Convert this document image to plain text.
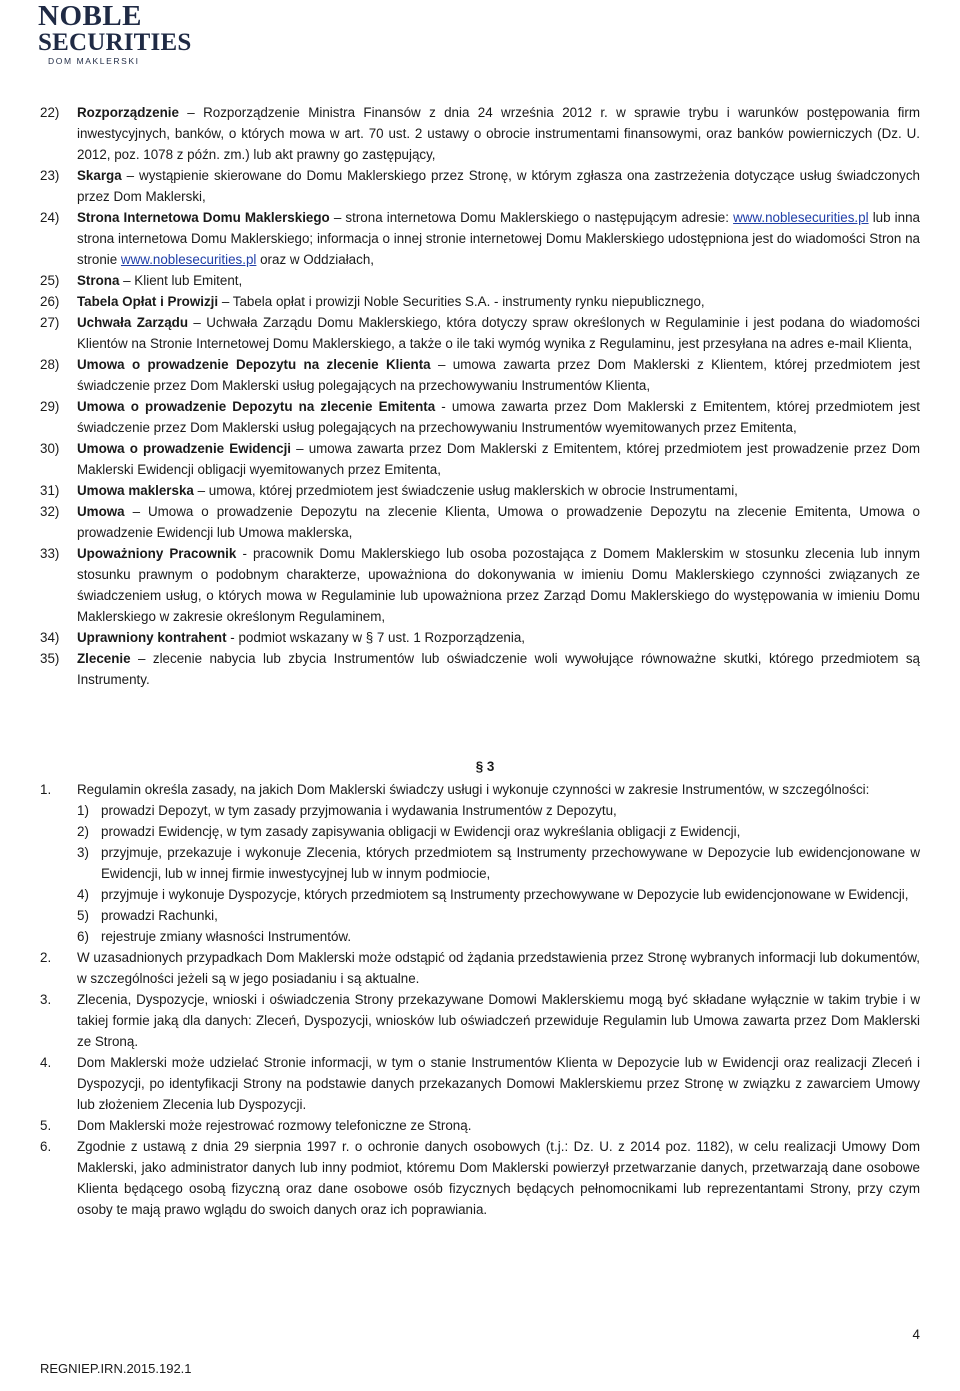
NOBLE
SECURITIES
DOM MAKLERSKI
22) Rozporządzenie – Rozporządzenie Ministra Finansów z dnia 24 września 2012 r. w sprawie trybu i warunków postępowania firm inwestycyjnych, banków, o których mowa w art. 70 ust. 2 ustawy o obrocie instrumentami finansowymi, oraz banków powierniczych (Dz. U. 2012, poz. 1078 z późn. zm.) lub akt prawny go zastępujący,
23) Skarga – wystąpienie skierowane do Domu Maklerskiego przez Stronę, w którym zgłasza ona zastrzeżenia dotyczące usług świadczonych przez Dom Maklerski,
24) Strona Internetowa Domu Maklerskiego – strona internetowa Domu Maklerskiego o następującym adresie: www.noblesecurities.pl lub inna strona internetowa Domu Maklerskiego; informacja o innej stronie internetowej Domu Maklerskiego udostępniona jest do wiadomości Stron na stronie www.noblesecurities.pl oraz w Oddziałach,
25) Strona – Klient lub Emitent,
26) Tabela Opłat i Prowizji – Tabela opłat i prowizji Noble Securities S.A. - instrumenty rynku niepublicznego,
27) Uchwała Zarządu – Uchwała Zarządu Domu Maklerskiego, która dotyczy spraw określonych w Regulaminie i jest podana do wiadomości Klientów na Stronie Internetowej Domu Maklerskiego, a także o ile taki wymóg wynika z Regulaminu, jest przesyłana na adres e-mail Klienta,
28) Umowa o prowadzenie Depozytu na zlecenie Klienta – umowa zawarta przez Dom Maklerski z Klientem, której przedmiotem jest świadczenie przez Dom Maklerski usług polegających na przechowywaniu Instrumentów Klienta,
29) Umowa o prowadzenie Depozytu na zlecenie Emitenta - umowa zawarta przez Dom Maklerski z Emitentem, której przedmiotem jest świadczenie przez Dom Maklerski usług polegających na przechowywaniu Instrumentów wyemitowanych przez Emitenta,
30) Umowa o prowadzenie Ewidencji – umowa zawarta przez Dom Maklerski z Emitentem, której przedmiotem jest prowadzenie przez Dom Maklerski Ewidencji obligacji wyemitowanych przez Emitenta,
31) Umowa maklerska – umowa, której przedmiotem jest świadczenie usług maklerskich w obrocie Instrumentami,
32) Umowa – Umowa o prowadzenie Depozytu na zlecenie Klienta, Umowa o prowadzenie Depozytu na zlecenie Emitenta, Umowa o prowadzenie Ewidencji lub Umowa maklerska,
33) Upoważniony Pracownik - pracownik Domu Maklerskiego lub osoba pozostająca z Domem Maklerskim w stosunku zlecenia lub innym stosunku prawnym o podobnym charakterze, upoważniona do dokonywania w imieniu Domu Maklerskiego czynności związanych ze świadczeniem usług, o których mowa w Regulaminie lub upoważniona przez Zarząd Domu Maklerskiego do występowania w imieniu Domu Maklerskiego w zakresie określonym Regulaminem,
34) Uprawniony kontrahent - podmiot wskazany w § 7 ust. 1 Rozporządzenia,
35) Zlecenie – zlecenie nabycia lub zbycia Instrumentów lub oświadczenie woli wywołujące równoważne skutki, którego przedmiotem są Instrumenty.
§ 3
1. Regulamin określa zasady, na jakich Dom Maklerski świadczy usługi i wykonuje czynności w zakresie Instrumentów, w szczególności:
1) prowadzi Depozyt, w tym zasady przyjmowania i wydawania Instrumentów z Depozytu,
2) prowadzi Ewidencję, w tym zasady zapisywania obligacji w Ewidencji oraz wykreślania obligacji z Ewidencji,
3) przyjmuje, przekazuje i wykonuje Zlecenia, których przedmiotem są Instrumenty przechowywane w Depozycie lub ewidencjonowane w Ewidencji, lub w innej firmie inwestycyjnej lub w innym podmiocie,
4) przyjmuje i wykonuje Dyspozycje, których przedmiotem są Instrumenty przechowywane w Depozycie lub ewidencjonowane w Ewidencji,
5) prowadzi Rachunki,
6) rejestruje zmiany własności Instrumentów.
2. W uzasadnionych przypadkach Dom Maklerski może odstąpić od żądania przedstawienia przez Stronę wybranych informacji lub dokumentów, w szczególności jeżeli są w jego posiadaniu i są aktualne.
3. Zlecenia, Dyspozycje, wnioski i oświadczenia Strony przekazywane Domowi Maklerskiemu mogą być składane wyłącznie w takim trybie i w takiej formie jaką dla danych: Zleceń, Dyspozycji, wniosków lub oświadczeń przewiduje Regulamin lub Umowa zawarta przez Dom Maklerski ze Stroną.
4. Dom Maklerski może udzielać Stronie informacji, w tym o stanie Instrumentów Klienta w Depozycie lub w Ewidencji oraz realizacji Zleceń i Dyspozycji, po identyfikacji Strony na podstawie danych przekazanych Domowi Maklerskiemu przez Stronę w związku z zawarciem Umowy lub złożeniem Zlecenia lub Dyspozycji.
5. Dom Maklerski może rejestrować rozmowy telefoniczne ze Stroną.
6. Zgodnie z ustawą z dnia 29 sierpnia 1997 r. o ochronie danych osobowych (t.j.: Dz. U. z 2014 poz. 1182), w celu realizacji Umowy Dom Maklerski, jako administrator danych lub inny podmiot, któremu Dom Maklerski powierzył przetwarzanie danych, przetwarzają dane osobowe Klienta będącego osobą fizyczną oraz dane osobowe osób fizycznych będących pełnomocnikami lub reprezentantami Strony, przy czym osoby te mają prawo wglądu do swoich danych oraz ich poprawiania.
4
REGNIEP.IRN.2015.192.1
